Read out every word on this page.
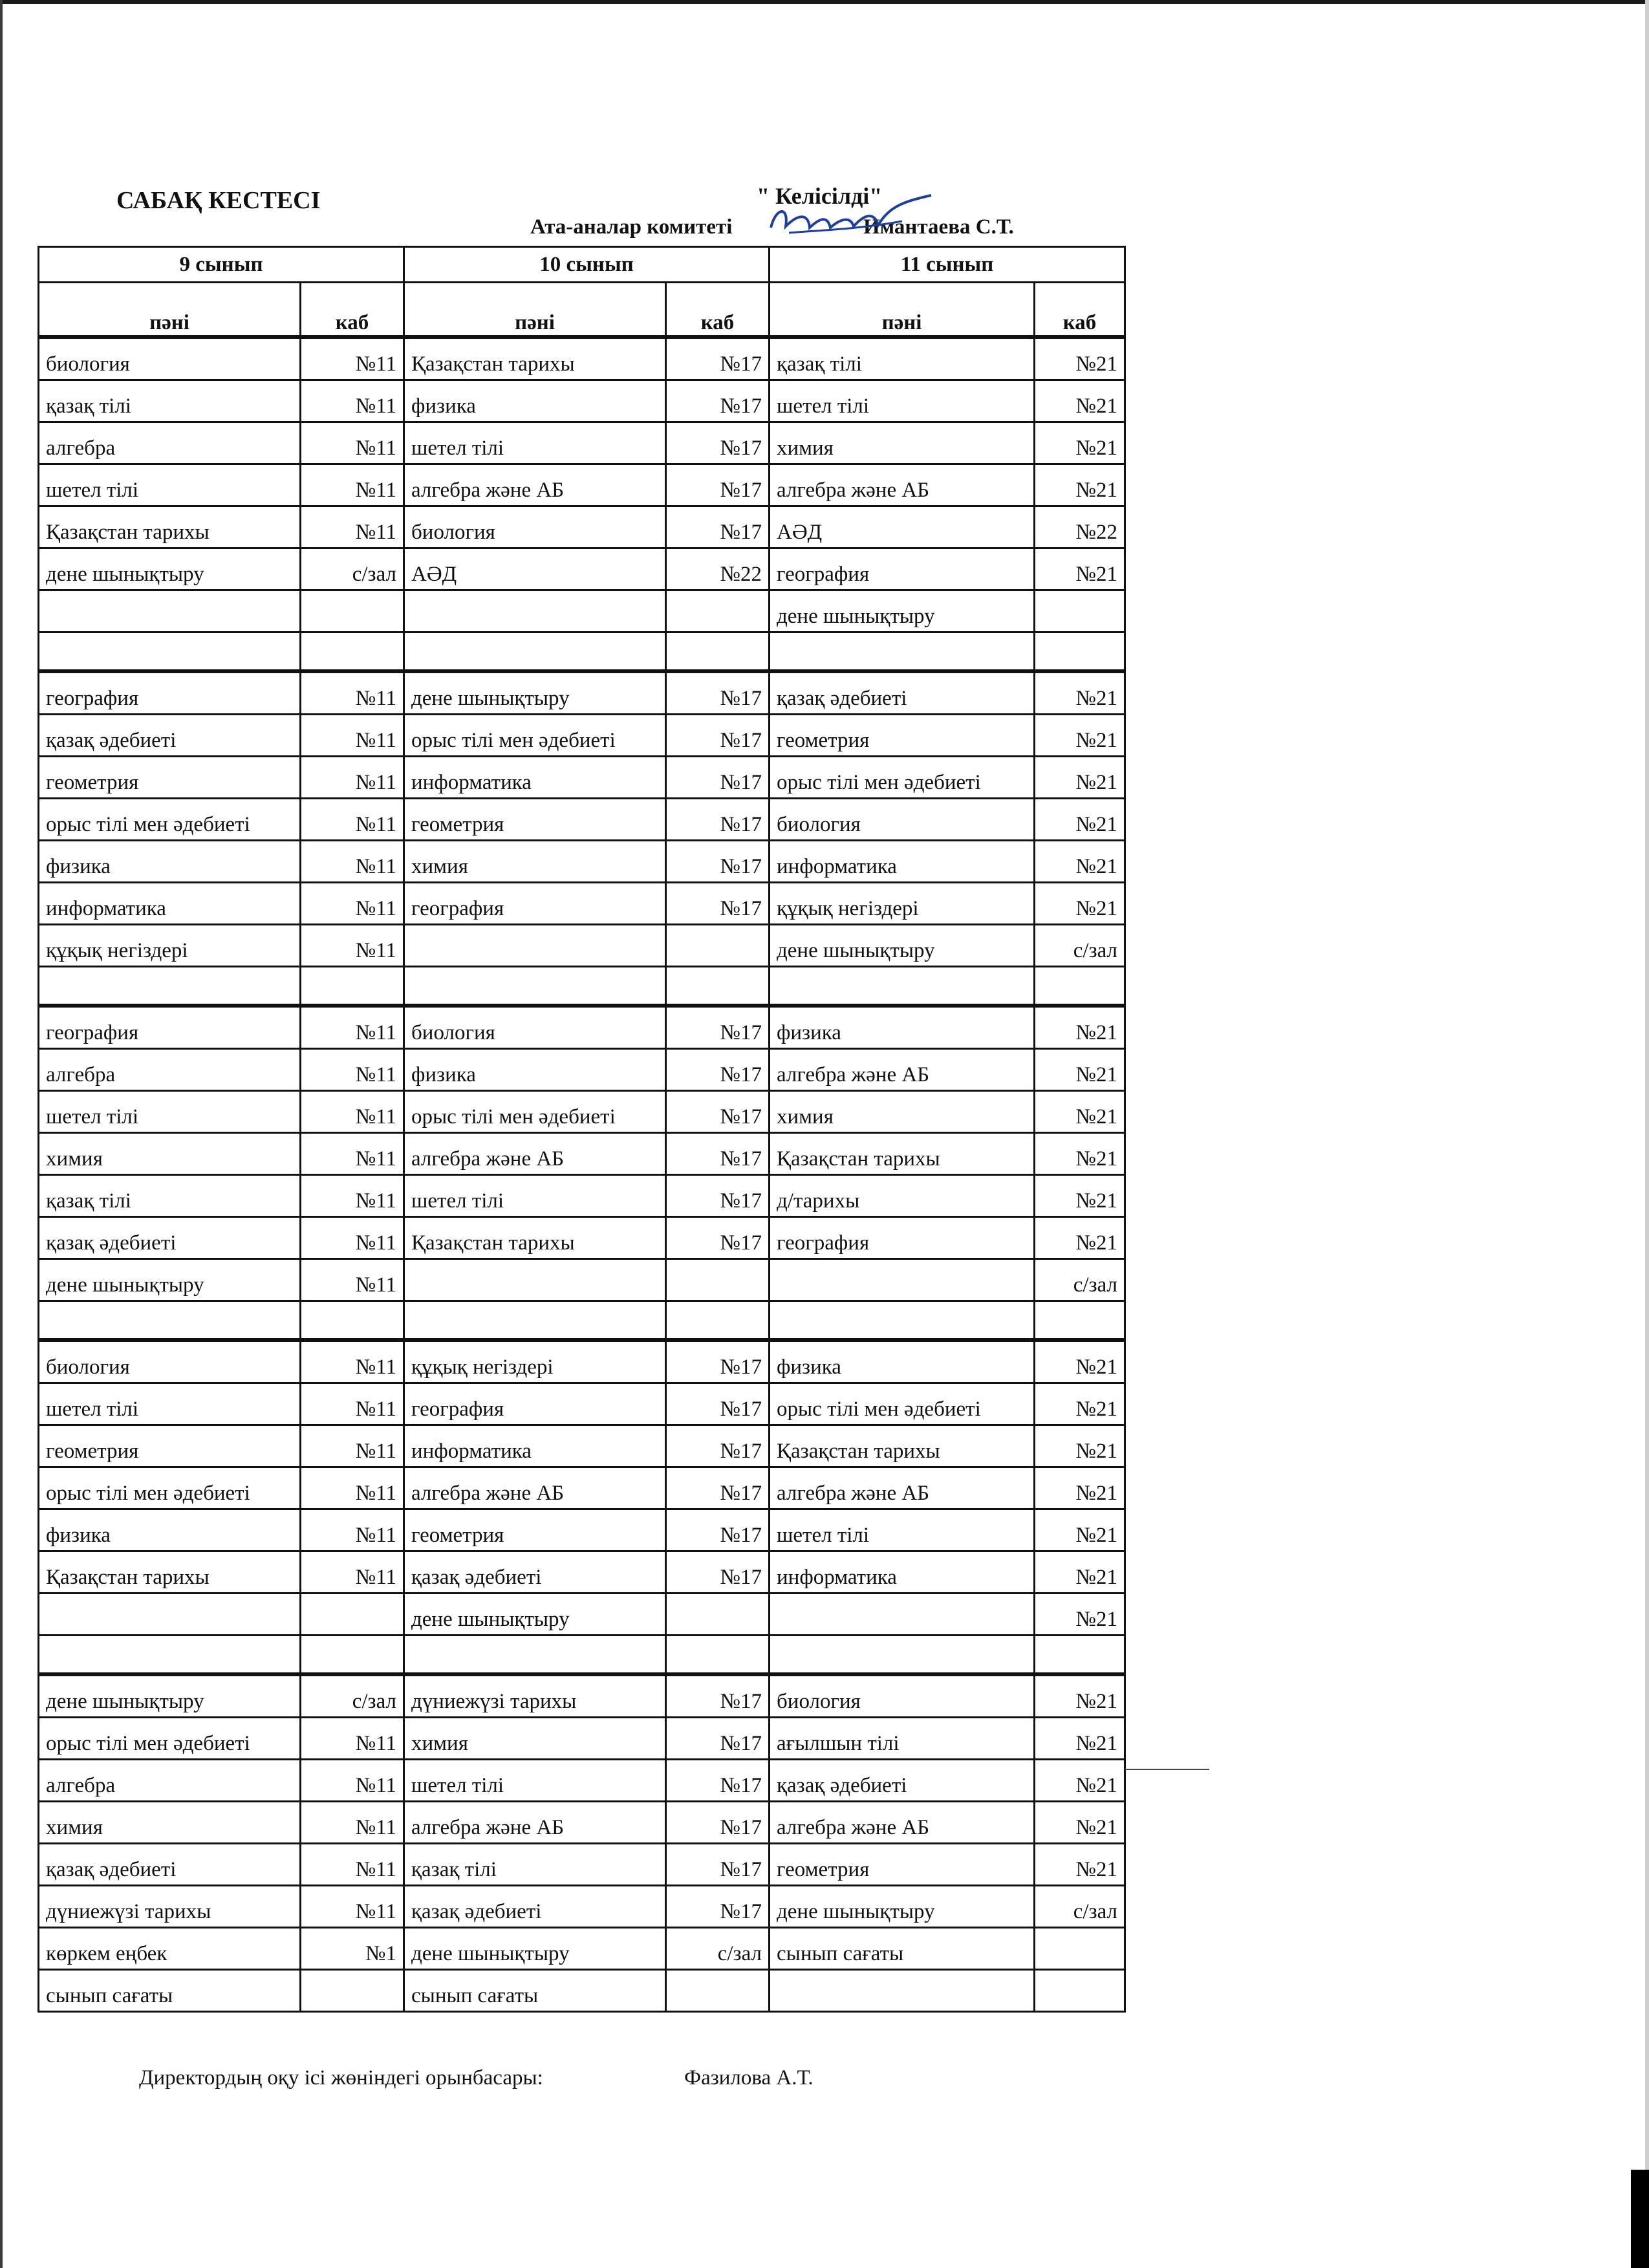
САБАҚ КЕСТЕСІ	" Келісілді"
Ата-аналар комитеті	Имантаева С.Т.
9 сынып		10 сынып		11 сынып	
пәні	каб	пәні	каб	пәні	каб
биология	№11	Қазақстан тарихы	№17	қазақ тілі	№21
қазақ тілі	№11	физика	№17	шетел тілі	№21
алгебра	№11	шетел тілі	№17	химия	№21
шетел тілі	№11	алгебра және АБ	№17	алгебра және АБ	№21
Қазақстан тарихы	№11	биология	№17	АӘД	№22
дене шынықтыру	с/зал	АӘД	№22	география	№21
				дене шынықтыру	

география	№11	дене шынықтыру	№17	қазақ әдебиеті	№21
қазақ әдебиеті	№11	орыс тілі мен әдебиеті	№17	геометрия	№21
геометрия	№11	информатика	№17	орыс тілі мен әдебиеті	№21
орыс тілі мен әдебиеті	№11	геометрия	№17	биология	№21
физика	№11	химия	№17	информатика	№21
информатика	№11	география	№17	құқық негіздері	№21
құқық негіздері	№11			дене шынықтыру	с/зал

география	№11	биология	№17	физика	№21
алгебра	№11	физика	№17	алгебра және АБ	№21
шетел тілі	№11	орыс тілі мен әдебиеті	№17	химия	№21
химия	№11	алгебра және АБ	№17	Қазақстан тарихы	№21
қазақ тілі	№11	шетел тілі	№17	д/тарихы	№21
қазақ әдебиеті	№11	Қазақстан тарихы	№17	география	№21
дене шынықтыру	№11				с/зал

биология	№11	құқық негіздері	№17	физика	№21
шетел тілі	№11	география	№17	орыс тілі мен әдебиеті	№21
геометрия	№11	информатика	№17	Қазақстан тарихы	№21
орыс тілі мен әдебиеті	№11	алгебра және АБ	№17	алгебра және АБ	№21
физика	№11	геометрия	№17	шетел тілі	№21
Қазақстан тарихы	№11	қазақ әдебиеті	№17	информатика	№21
		дене шынықтыру			№21

дене шынықтыру	с/зал	дүниежүзі тарихы	№17	биология	№21
орыс тілі мен әдебиеті	№11	химия	№17	ағылшын тілі	№21
алгебра	№11	шетел тілі	№17	қазақ әдебиеті	№21
химия	№11	алгебра және АБ	№17	алгебра және АБ	№21
қазақ әдебиеті	№11	қазақ тілі	№17	геометрия	№21
дүниежүзі тарихы	№11	қазақ әдебиеті	№17	дене шынықтыру	с/зал
көркем еңбек	№1	дене шынықтыру	с/зал	сынып сағаты	
сынып сағаты		сынып сағаты			
Директордың оқу ісі жөніндегі орынбасары:	Фазилова А.Т.
